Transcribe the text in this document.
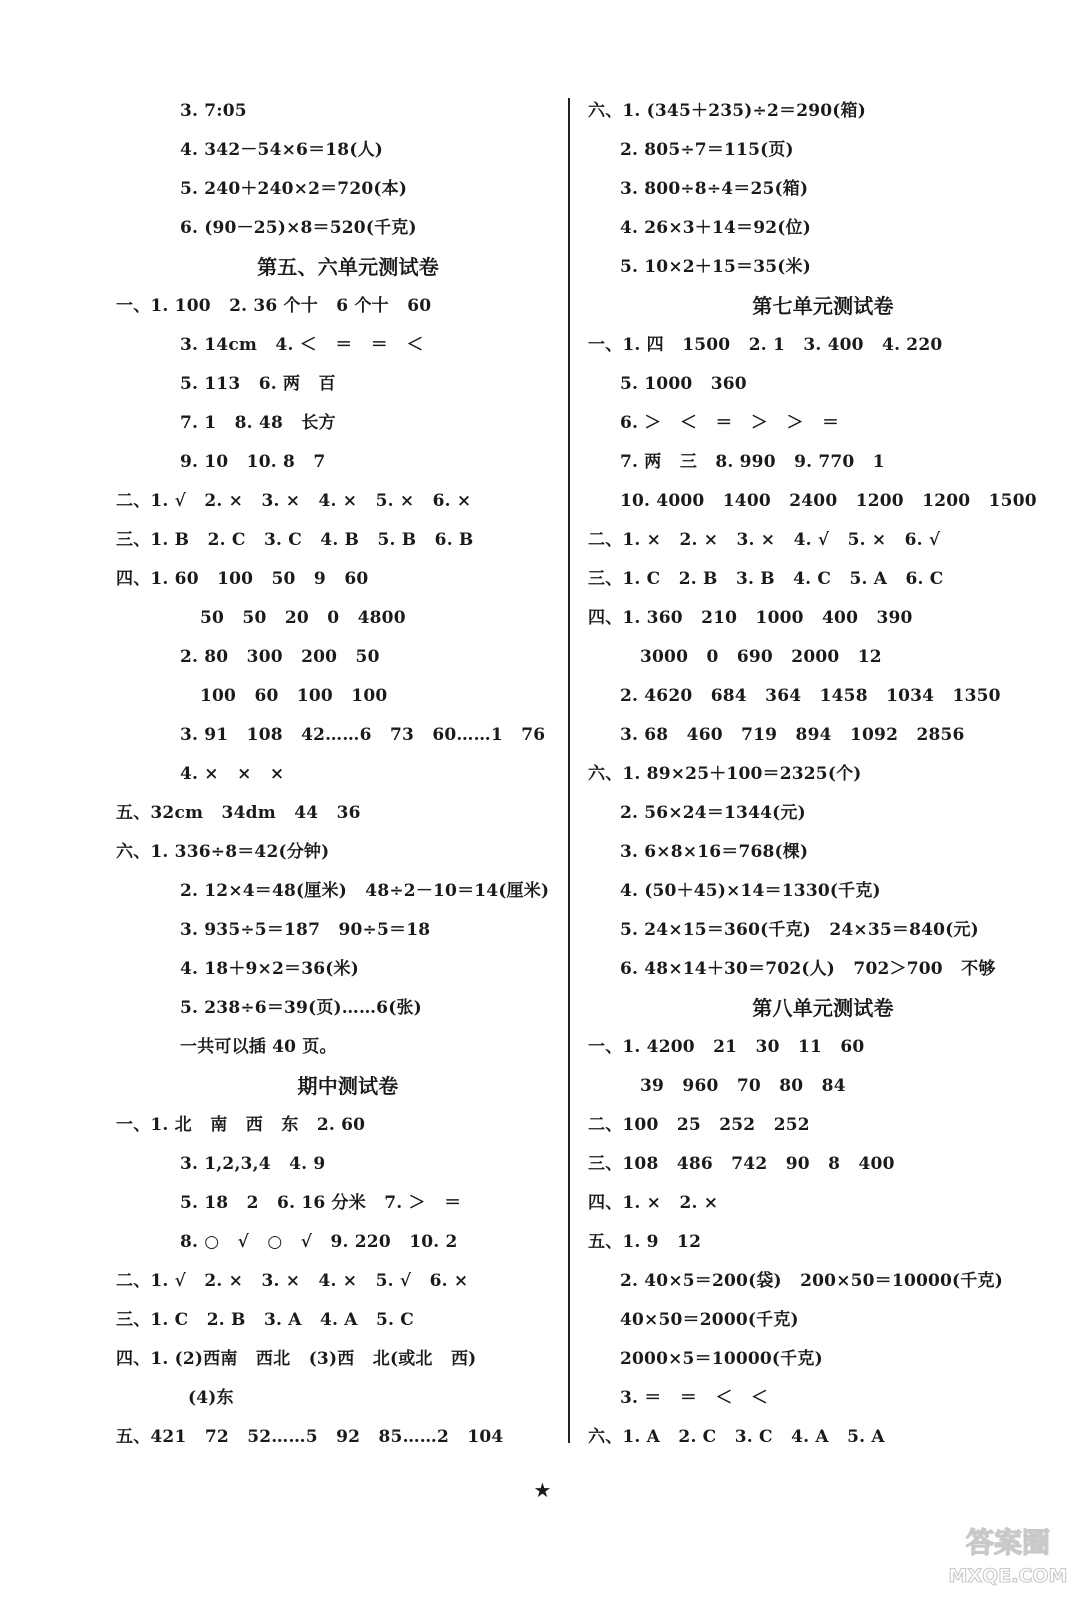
3. 7:05
4. 342－54×6＝18(人)
5. 240＋240×2＝720(本)
6. (90－25)×8＝520(千克)
第五、六单元测试卷
一、1. 100   2. 36 个十   6 个十   60
3. 14cm   4. ＜   ＝   ＝   ＜
5. 113   6. 两   百
7. 1   8. 48   长方
9. 10   10. 8   7
二、1. √   2. ×   3. ×   4. ×   5. ×   6. ×
三、1. B   2. C   3. C   4. B   5. B   6. B
四、1. 60   100   50   9   60
50   50   20   0   4800
2. 80   300   200   50
100   60   100   100
3. 91   108   42……6   73   60……1   76
4. ×   ×   ×
五、32cm   34dm   44   36
六、1. 336÷8＝42(分钟)
2. 12×4＝48(厘米)   48÷2－10＝14(厘米)
3. 935÷5＝187   90÷5＝18
4. 18＋9×2＝36(米)
5. 238÷6＝39(页)……6(张)
一共可以插 40 页。
期中测试卷
一、1. 北   南   西   东   2. 60
3. 1,2,3,4   4. 9
5. 18   2   6. 16 分米   7. ＞   ＝
8. ○   √   ○   √   9. 220   10. 2
二、1. √   2. ×   3. ×   4. ×   5. √   6. ×
三、1. C   2. B   3. A   4. A   5. C
四、1. (2)西南   西北   (3)西   北(或北   西)
(4)东
五、421   72   52……5   92   85……2   104
六、1. (345＋235)÷2＝290(箱)
2. 805÷7＝115(页)
3. 800÷8÷4＝25(箱)
4. 26×3＋14＝92(位)
5. 10×2＋15＝35(米)
第七单元测试卷
一、1. 四   1500   2. 1   3. 400   4. 220
5. 1000   360
6. ＞   ＜   ＝   ＞   ＞   ＝
7. 两   三   8. 990   9. 770   1
10. 4000   1400   2400   1200   1200   1500
二、1. ×   2. ×   3. ×   4. √   5. ×   6. √
三、1. C   2. B   3. B   4. C   5. A   6. C
四、1. 360   210   1000   400   390
3000   0   690   2000   12
2. 4620   684   364   1458   1034   1350
3. 68   460   719   894   1092   2856
六、1. 89×25＋100＝2325(个)
2. 56×24＝1344(元)
3. 6×8×16＝768(棵)
4. (50＋45)×14＝1330(千克)
5. 24×15＝360(千克)   24×35＝840(元)
6. 48×14＋30＝702(人)   702＞700   不够
第八单元测试卷
一、1. 4200   21   30   11   60
39   960   70   80   84
二、100   25   252   252
三、108   486   742   90   8   400
四、1. ×   2. ×
五、1. 9   12
2. 40×5＝200(袋)   200×50＝10000(千克)
40×50＝2000(千克)
2000×5＝10000(千克)
3. ＝   ＝   ＜   ＜
六、1. A   2. C   3. C   4. A   5. A
★
答案圈
MXQE.COM
